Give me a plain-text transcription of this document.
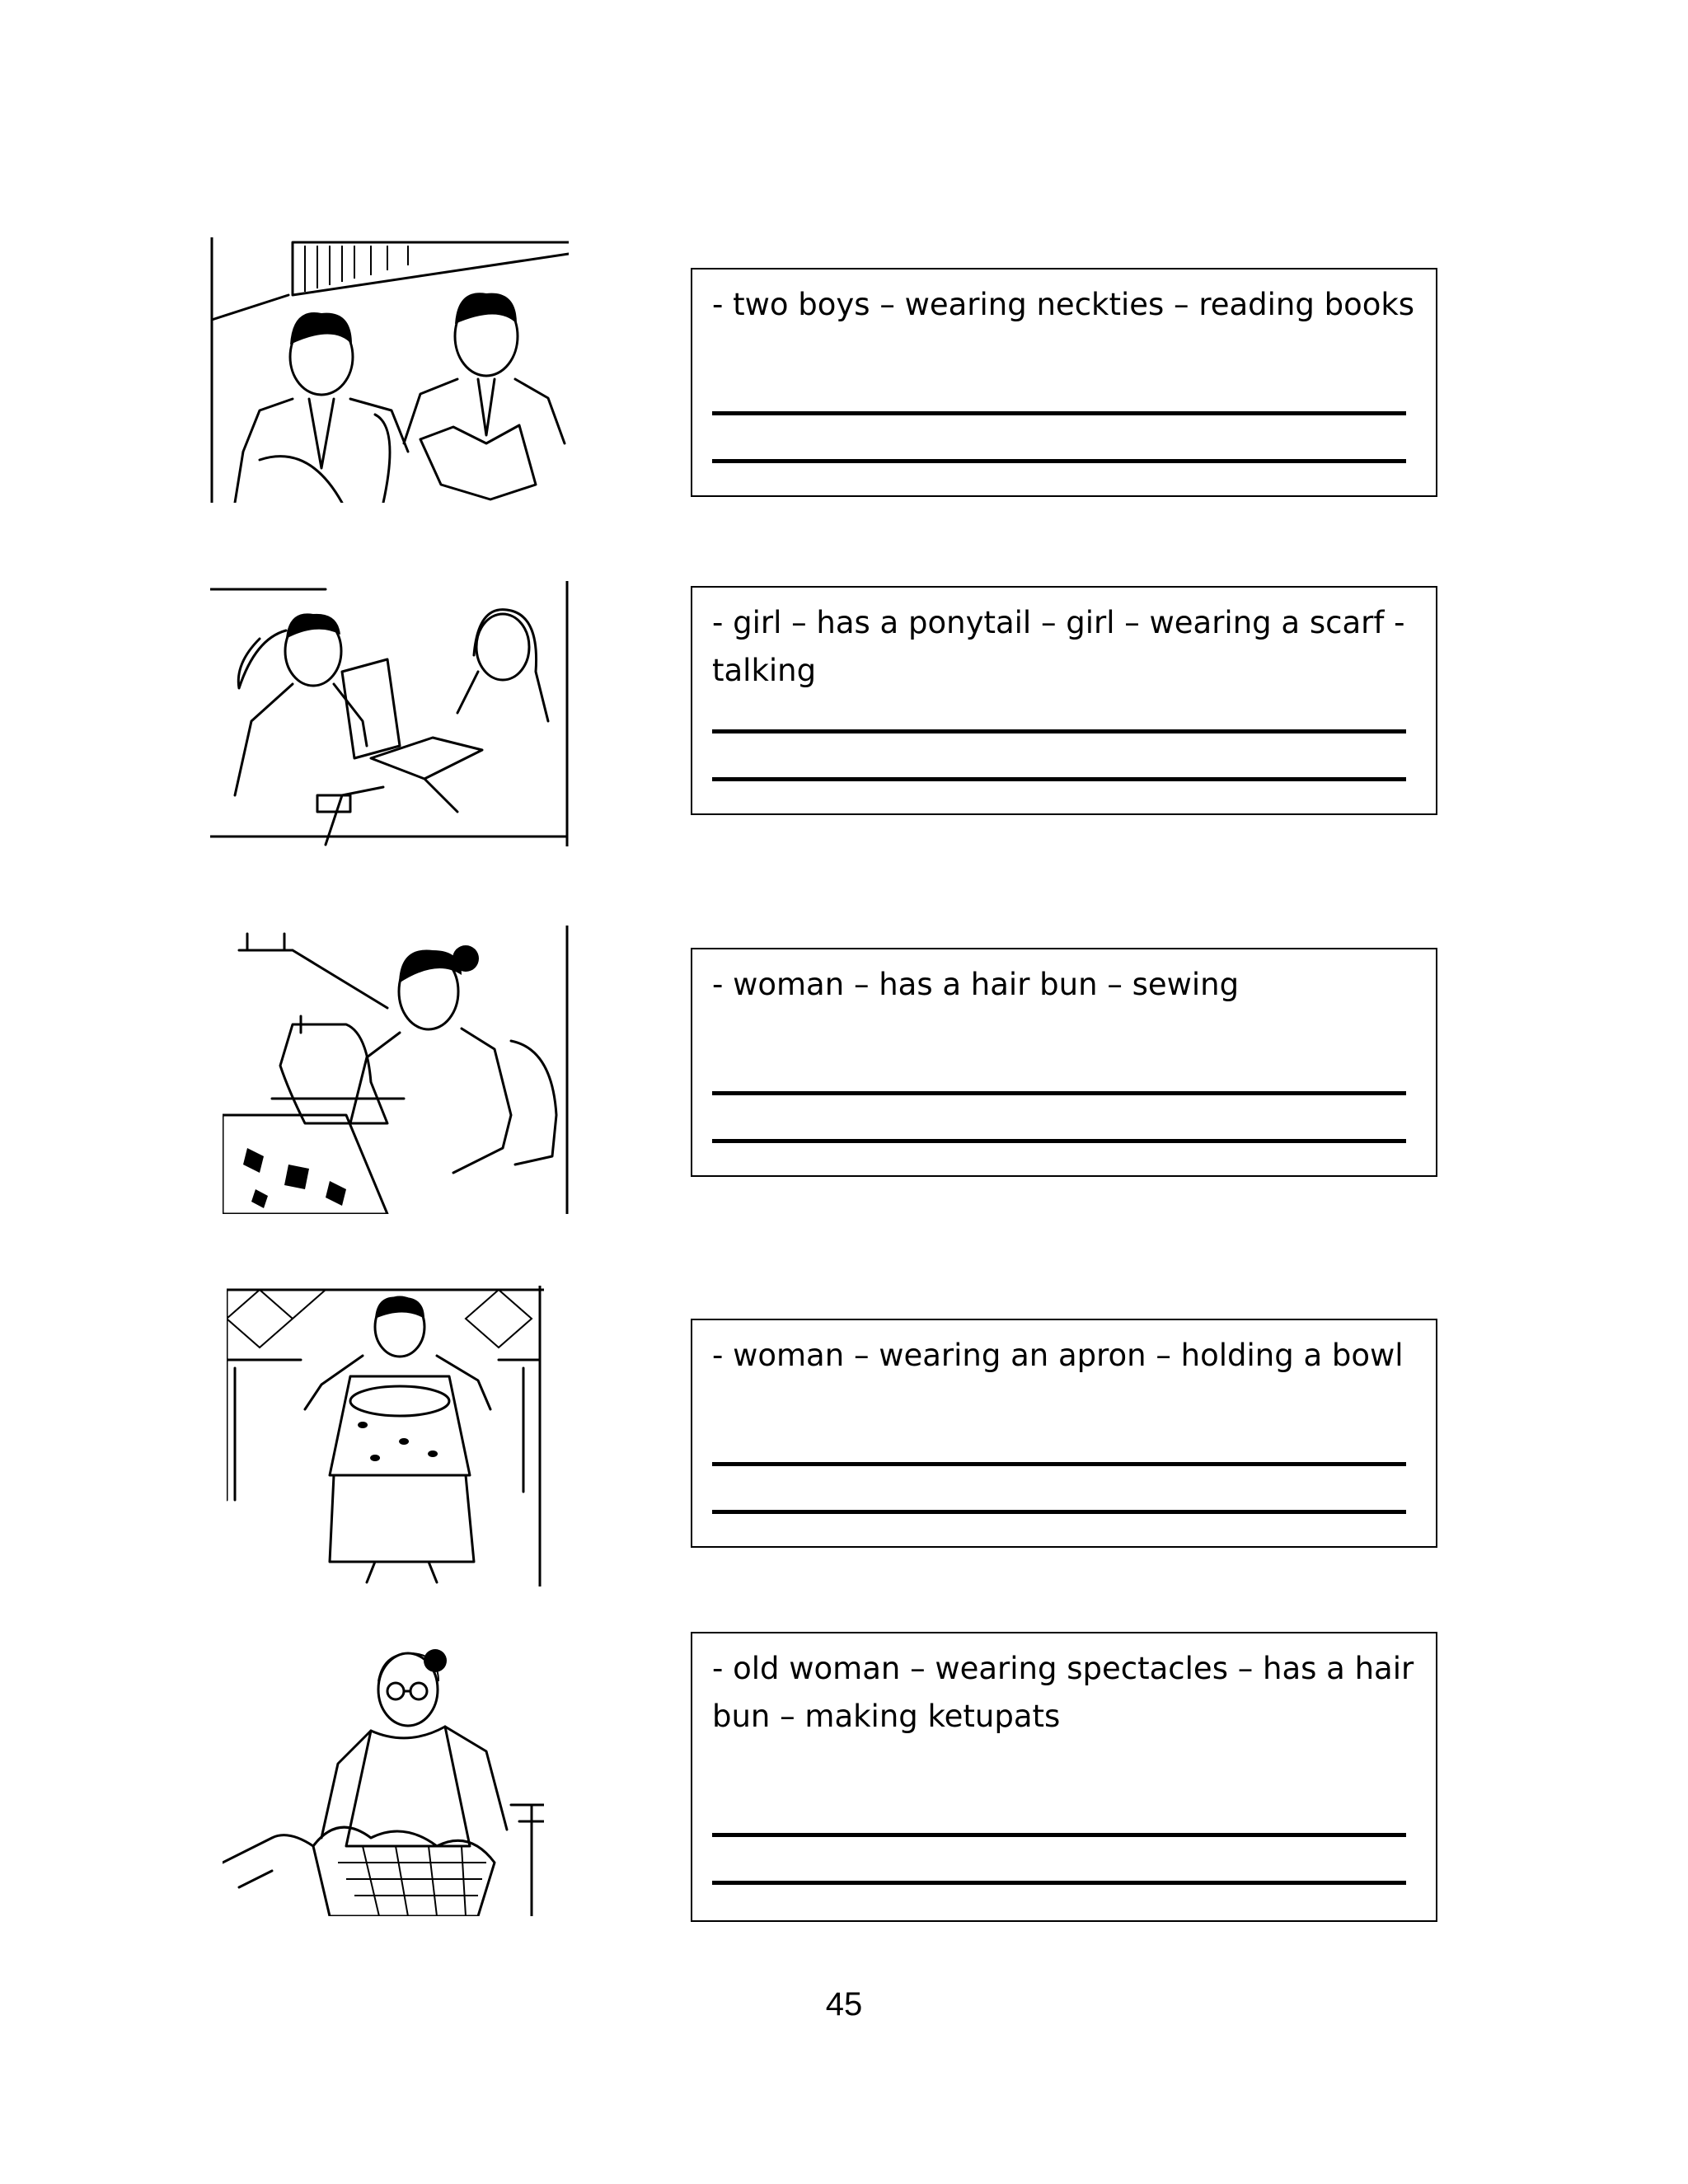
- two boys – wearing neckties – reading books
- girl – has a ponytail – girl – wearing a scarf - talking
- woman – has a hair bun – sewing
- woman – wearing an apron – holding a bowl
- old woman – wearing spectacles – has a hair bun – making ketupats
45
